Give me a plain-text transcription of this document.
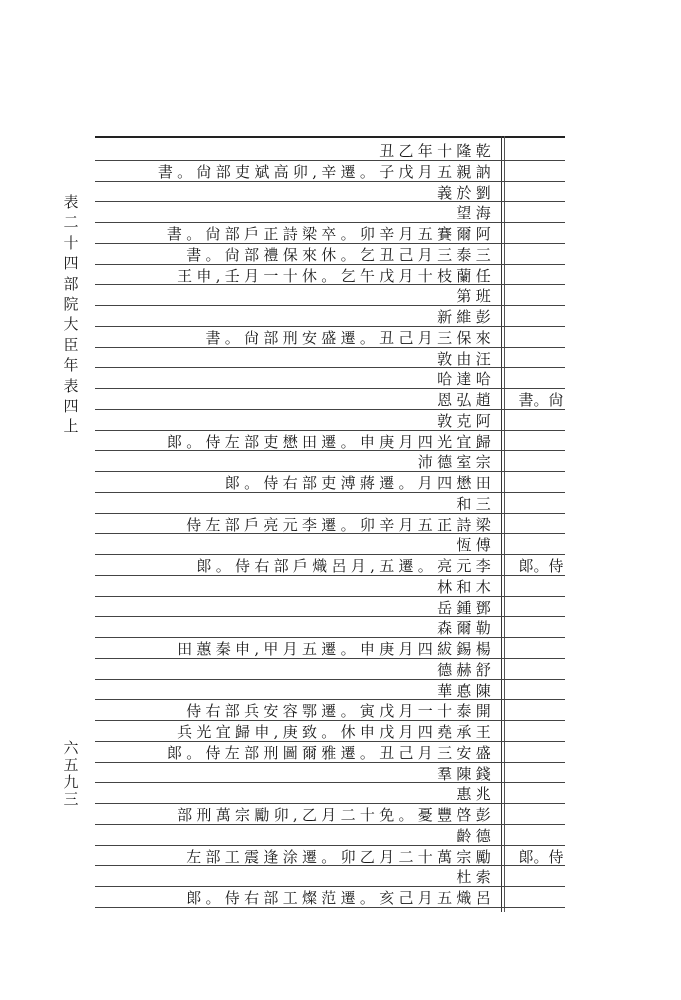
表
二
十
四
部
院
大
臣
年
表
四
上
六
五
九
三
丑乙年十隆乾
書。尙部吏斌高卯,辛遷。子戊月五親訥
義於劉
望海
書。尙部戶正詩梁卒。卯辛月五賽爾阿
書。尙部禮保來休。乞丑己月三泰三
王申,壬月一十休。乞午戊月十枝蘭任
第班
新維彭
書。尙部刑安盛遷。丑己月三保來
敦由汪
哈達哈
恩弘趙 書。尙
敦克阿
郞。侍左部吏懋田遷。申庚月四光宜歸
沛德室宗
郞。侍右部吏溥蔣遷。月四懋田
和三
侍左部戶亮元李遷。卯辛月五正詩梁
恆傅
郞。侍右部戶熾呂月,五遷。亮元李 郞。侍
林和木
岳鍾鄧
森爾勒
田蕙秦申,甲月五遷。申庚月四紱錫楊
德赫舒
華悳陳
侍右部兵安容鄂遷。寅戊月一十泰開
兵光宜歸申,庚致。休申戊月四堯承王
郞。侍左部刑圖爾雅遷。丑己月三安盛
羣陳錢
惠兆
部刑萬宗勵卯,乙月二十免。憂豐啓彭
齡德
左部工震逢涂遷。卯乙月二十萬宗勵 郞。侍
杜索
郞。侍右部工燦范遷。亥己月五熾呂
